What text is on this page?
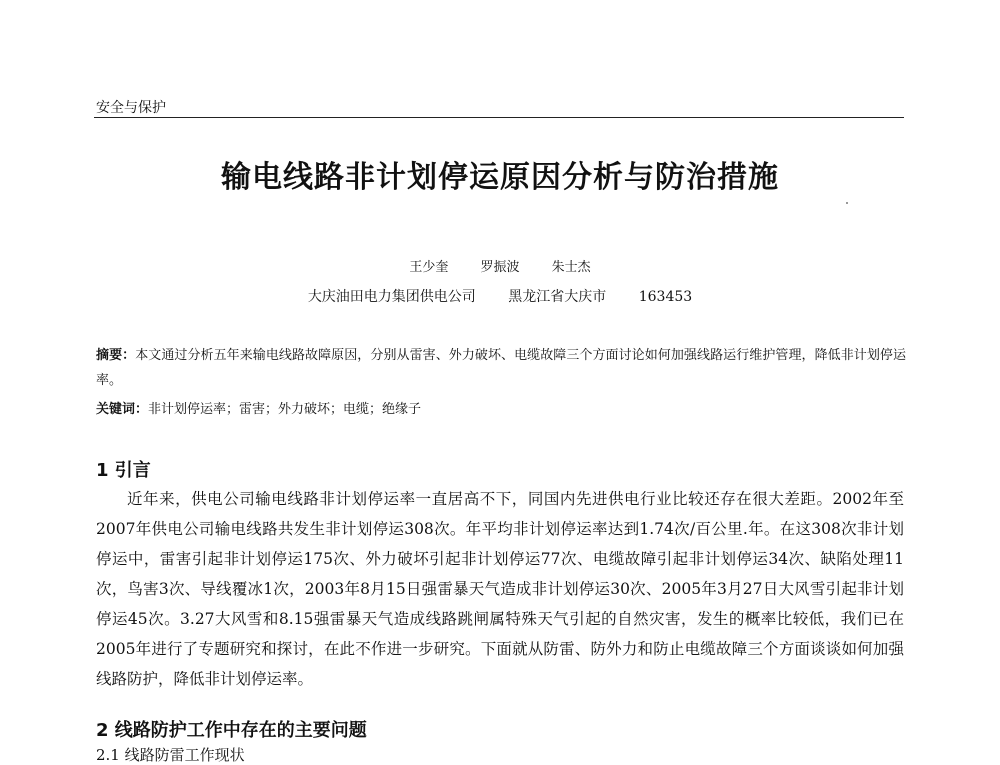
安全与保护
输电线路非计划停运原因分析与防治措施
王少奎 罗振波 朱士杰
大庆油田电力集团供电公司 黑龙江省大庆市 163453
摘要：本文通过分析五年来输电线路故障原因，分别从雷害、外力破坏、电缆故障三个方面讨论如何加强线路运行维护管理，降低非计划停运率。
关键词：非计划停运率；雷害；外力破坏；电缆；绝缘子
1 引言
近年来，供电公司输电线路非计划停运率一直居高不下，同国内先进供电行业比较还存在很大差距。2002年至2007年供电公司输电线路共发生非计划停运308次。年平均非计划停运率达到1.74次/百公里.年。在这308次非计划停运中，雷害引起非计划停运175次、外力破坏引起非计划停运77次、电缆故障引起非计划停运34次、缺陷处理11次，鸟害3次、导线覆冰1次，2003年8月15日强雷暴天气造成非计划停运30次、2005年3月27日大风雪引起非计划停运45次。3.27大风雪和8.15强雷暴天气造成线路跳闸属特殊天气引起的自然灾害，发生的概率比较低，我们已在2005年进行了专题研究和探讨，在此不作进一步研究。下面就从防雷、防外力和防止电缆故障三个方面谈谈如何加强线路防护，降低非计划停运率。
2 线路防护工作中存在的主要问题
2.1 线路防雷工作现状
